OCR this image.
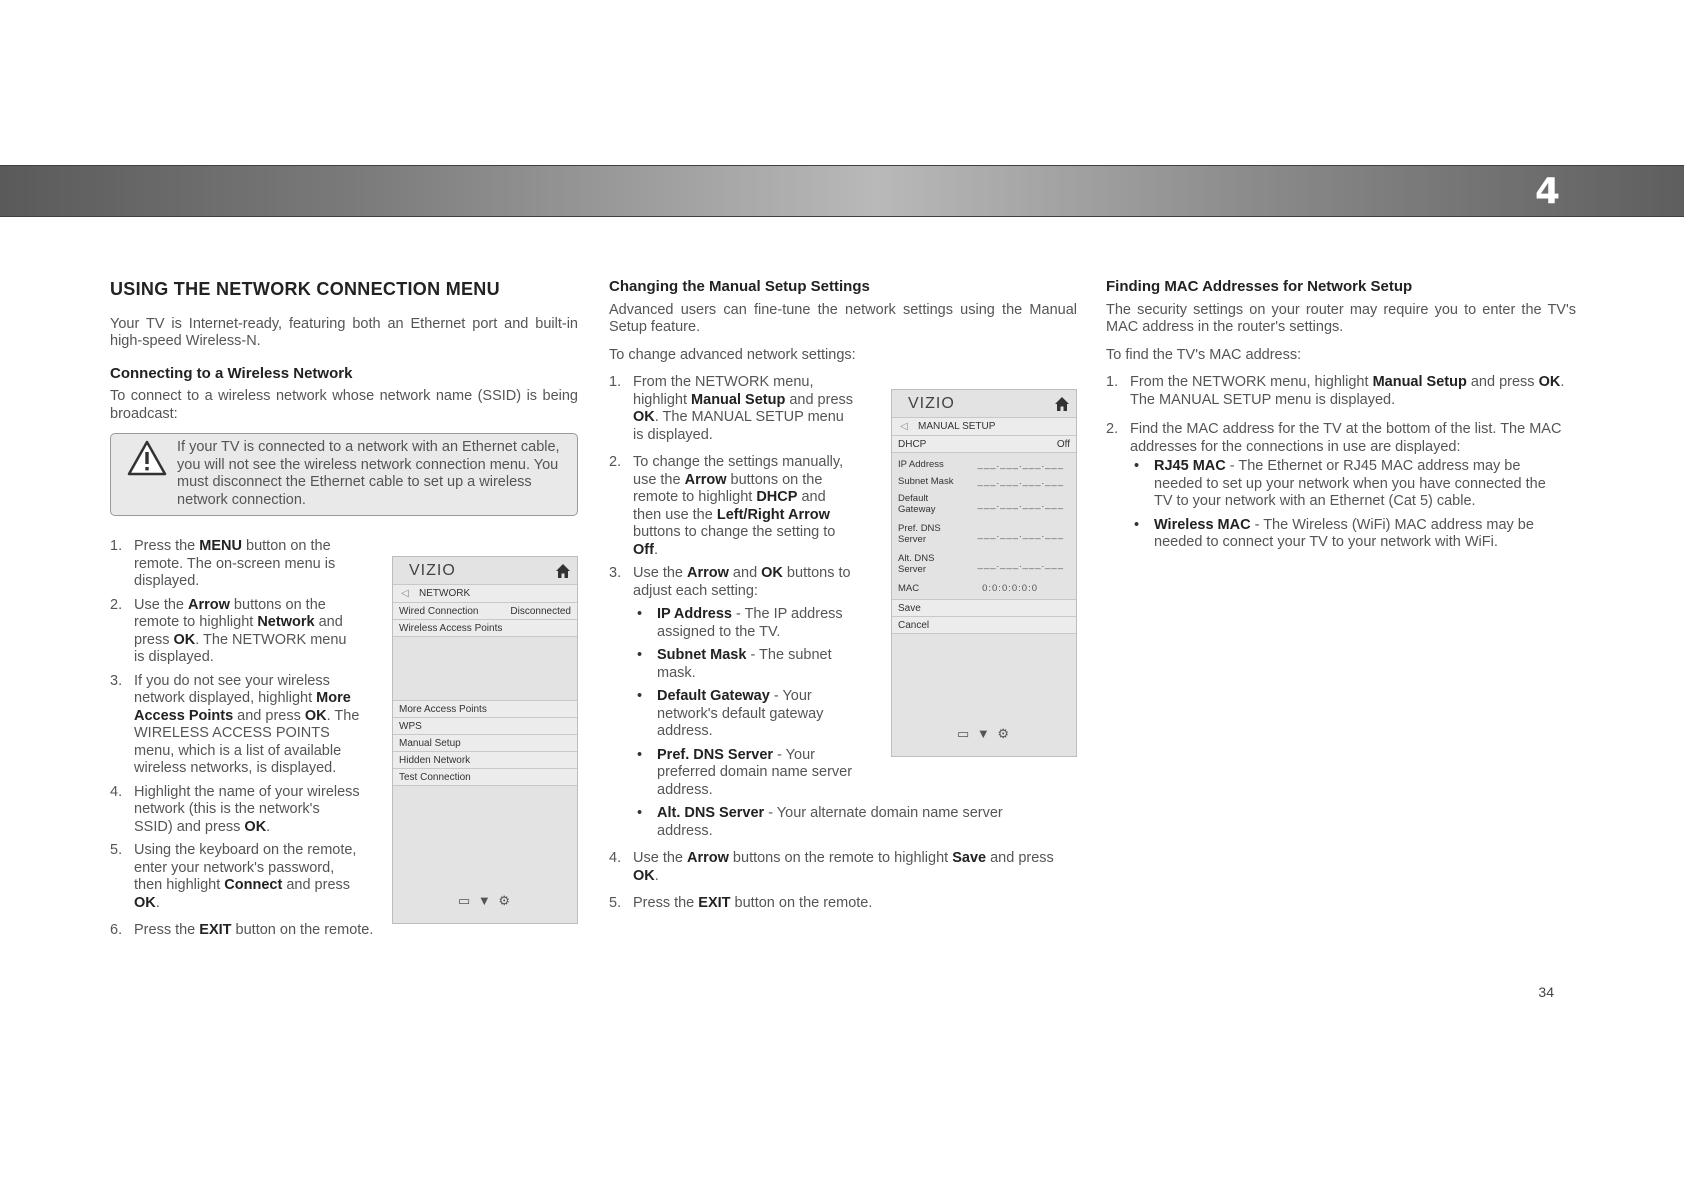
4
USING THE NETWORK CONNECTION MENU

Your TV is Internet-ready, featuring both an Ethernet port and built-in high-speed Wireless-N.

Connecting to a Wireless Network

To connect to a wireless network whose network name (SSID) is being broadcast:

If your TV is connected to a network with an Ethernet cable, you will not see the wireless network connection menu. You must disconnect the Ethernet cable to set up a wireless network connection.
1. Press the MENU button on the remote. The on-screen menu is displayed.
2. Use the Arrow buttons on the remote to highlight Network and press OK. The NETWORK menu is displayed.
3. If you do not see your wireless network displayed, highlight More Access Points and press OK. The WIRELESS ACCESS POINTS menu, which is a list of available wireless networks, is displayed.
4. Highlight the name of your wireless network (this is the network's SSID) and press OK.
5. Using the keyboard on the remote, enter your network's password, then highlight Connect and press OK.
6. Press the EXIT button on the remote.
VIZIO
◁ NETWORK
Wired Connection	Disconnected
Wireless Access Points
More Access Points
WPS
Manual Setup
Hidden Network
Test Connection
▭ ▼ ⚙
Changing the Manual Setup Settings

Advanced users can fine-tune the network settings using the Manual Setup feature.

To change advanced network settings:

1. From the NETWORK menu, highlight Manual Setup and press OK. The MANUAL SETUP menu is displayed.
2. To change the settings manually, use the Arrow buttons on the remote to highlight DHCP and then use the Left/Right Arrow buttons to change the setting to Off.
3. Use the Arrow and OK buttons to adjust each setting:
• IP Address - The IP address assigned to the TV.
• Subnet Mask - The subnet mask.
• Default Gateway - Your network's default gateway address.
• Pref. DNS Server - Your preferred domain name server address.
• Alt. DNS Server - Your alternate domain name server address.
4. Use the Arrow buttons on the remote to highlight Save and press OK.
5. Press the EXIT button on the remote.
VIZIO
◁ MANUAL SETUP
DHCP	Off
IP Address	___.___.___.___
Subnet Mask	___.___.___.___
Default
Gateway	___.___.___.___
Pref. DNS
Server	___.___.___.___
Alt. DNS
Server	___.___.___.___
MAC	0:0:0:0:0:0
Save
Cancel
▭ ▼ ⚙
Finding MAC Addresses for Network Setup

The security settings on your router may require you to enter the TV's MAC address in the router's settings.

To find the TV's MAC address:

1. From the NETWORK menu, highlight Manual Setup and press OK. The MANUAL SETUP menu is displayed.
2. Find the MAC address for the TV at the bottom of the list. The MAC addresses for the connections in use are displayed:
• RJ45 MAC - The Ethernet or RJ45 MAC address may be needed to set up your network when you have connected the TV to your network with an Ethernet (Cat 5) cable.
• Wireless MAC - The Wireless (WiFi) MAC address may be needed to connect your TV to your network with WiFi.
34
